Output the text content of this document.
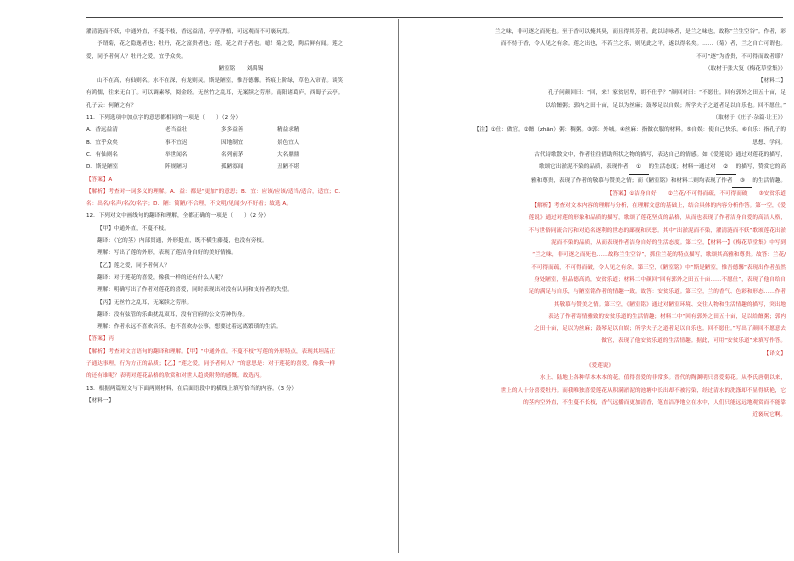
濯清涟而不妖，中通外直，不蔓不枝，香远益清，亭亭净植，可远观而不可亵玩焉。
予谓菊，花之隐逸者也；牡丹，花之富贵者也；莲，花之君子者也。噫！菊之爱，陶后鲜有闻。莲之
爱，同予者何人？牡丹之爱，宜乎众矣。
陋室铭　　刘禹锡
山不在高，有仙则名。水不在深，有龙则灵。斯是陋室，惟吾德馨。苔痕上阶绿，草色入帘青。谈笑
有鸿儒，往来无白丁。可以调素琴，阅金经。无丝竹之乱耳，无案牍之劳形。南阳诸葛庐，西蜀子云亭。
孔子云：何陋之有？
11．下列选项中加点字的意思都相同的一项是（　　）（2 分）
A．香远益清	老当益壮	多多益善	精益求精
B．宜乎众矣	事不宜迟	因地制宜	景色宜人
C．有仙则名	举世闻名	名列前茅	大名鼎鼎
D．斯是陋室	阵规陋习	孤陋寡闻	丑陋不堪
【答案】A
【解析】考查对一词多义的理解。A．益：都是“更加”的意思；B．宜：应该/应该/适当/适合，适宜；C．
名：出名/名声/名次/名字；D．陋：简陋/不合理，不文明/见闻少/不好看；故选 A。
12．下列对文中画线句的翻译和理解，全都正确的一项是（　　）（2 分）
【甲】中通外直，不蔓不枝。
翻译：（它的茎）内部贯通，外形挺直，既不横生藤蔓，也没有旁枝。
理解：写出了莲的外形，表现了莲洁身自好的美好情操。
【乙】莲之爱，同予者何人？
翻译：对于莲花的喜爱，像我一样的还有什么人呢？
理解：明确写出了作者对莲花的喜爱，同时表现出对没有认同和支持者的失望。
【丙】无丝竹之乱耳，无案牍之劳形。
翻译：没有弦管的乐曲扰乱双耳，没有官府的公文劳神伤身。
理解：作者永远不喜欢音乐，也不喜欢办公事，想要过着远离繁琐的生活。
【答案】丙
【解析】考查对文言语句的翻译和理解。【甲】“中通外直，不蔓不枝”写莲的外形特点，表现其坦荡正
子通达事理，行为方正的品质；【乙】“莲之爱，同予者何人？”的意思是：对于莲花的喜爱，像我一样
的还有谁呢？表明对莲花品格的欣赏和对世人趋炎附势的感慨。故选丙。
13．根据两篇短文与下面两则材料，在后面语段中的横线上填写恰当的内容。（3 分）
【材料一】
兰之味，非可逐之而死也。至于香可以掩其臭，而且得其芳者，此以诗咏者，是兰之味也，故称“兰生空谷”。作者，彩
而不恃于香，令人见之有余。莲之出也，不若兰之乐，则见此之平，遂以得名矣。……（菊）者，兰之自亡可谓也。
不可“逐”为香贵，不可得而故者耶？
（取材于张大复《梅花草堂集》）
【材料二】
孔子问颜回曰：“回，来！家贫居卑，胡不仕乎？”颜回对曰：“不愿仕。回有郭外之田五十亩，足
以给饘粥；郭内之田十亩，足以为丝麻；鼓琴足以自娱；所学夫子之道者足以自乐也。回不愿仕。”
（取材于《庄子·杂篇·让王》）
【注】①仕：做官。②饘（zhān）粥：稠粥。③郭：外城。④丝麻：指做衣服的材料。⑤自娱：使自己快乐。⑥自乐：指孔子的
思想、学问。
古代诗歌散文中，作者往往借助所状之物的描写，表达自己的情感。如《爱莲说》通过对莲花的描写，
歌颂它出淤泥不染的品质，表现作者 ① 的生活态度；材料一通过对 ② 的描写，赞赏它的高
雅和尊贵，表现了作者的敬慕与赞美之情；而《陋室铭》和材料二则均表现了作者 ③ 的生活情趣。
【答案】①洁身自好　　②兰花/不可得而疏，不可得而破　　③安贫乐道
【解析】考查对文本内容的理解与分析，在理解文意的基础上，结合具体的内容分析作答。第一空，《爱
莲说》通过对莲的形象和品质的描写，歌颂了莲花坚贞的品格，从而也表现了作者洁身自爱的高洁人格，
不与世俗同流合污和对追名逐利的世态的鄙视和厌恶。其中“出淤泥而不染，濯清涟而不妖”歌颂莲花出淤
泥而不染的品质，从而表现作者洁身自好的生活态度。第二空，【材料一】《梅花草堂集》中写到
“兰之味，非可逐之而死也……故称兰生空谷”，抓住兰花的特点描写，歌颂其高雅和尊贵。故答：兰花/
不可得而疏，不可得而破，令人见之有余。第三空，《陋室铭》中“斯是陋室，惟吾德馨”表现出作者虽然
身处陋室，但品德高尚，安贫乐道；材料二中颜回“回有郭外之田五十亩……不愿仕”，表现了他自给自
足的满足与自乐，与陋室铭作者的情趣一致。故答：安贫乐道。第三空，兰的香气、色彩和形态……作者
其敬慕与赞美之情。第三空，《陋室铭》通过对陋室环境、交往人物和生活情趣的描写，突出地
表达了作者寄情雅致的安贫乐道的生活情趣；材料二中“回有郭外之田五十亩，足以给饘粥；郭内
之田十亩，足以为丝麻；鼓琴足以自娱；所学夫子之道者足以自乐也。回不愿仕。”写出了颜回不愿意去
做官，表现了他安贫乐道的生活情趣。据此，可用“安贫乐道”来填写作答。
【译文】
《爱莲说》
水上、陆地上各种草本木本的花，值得喜爱的非常多。晋代的陶渊明只喜爱菊花。从李氏唐朝以来，
世上的人十分喜爱牡丹。而我唯独喜爱莲花从积满淤泥的池塘中长出却不被污染，经过清水的洗涤却不显得妖艳，它
的茎内空外直，不生蔓不长枝，香气远播而更加清香，笔直洁净地立在水中，人们只能远远地观赏而不能靠
近亵玩它啊。
